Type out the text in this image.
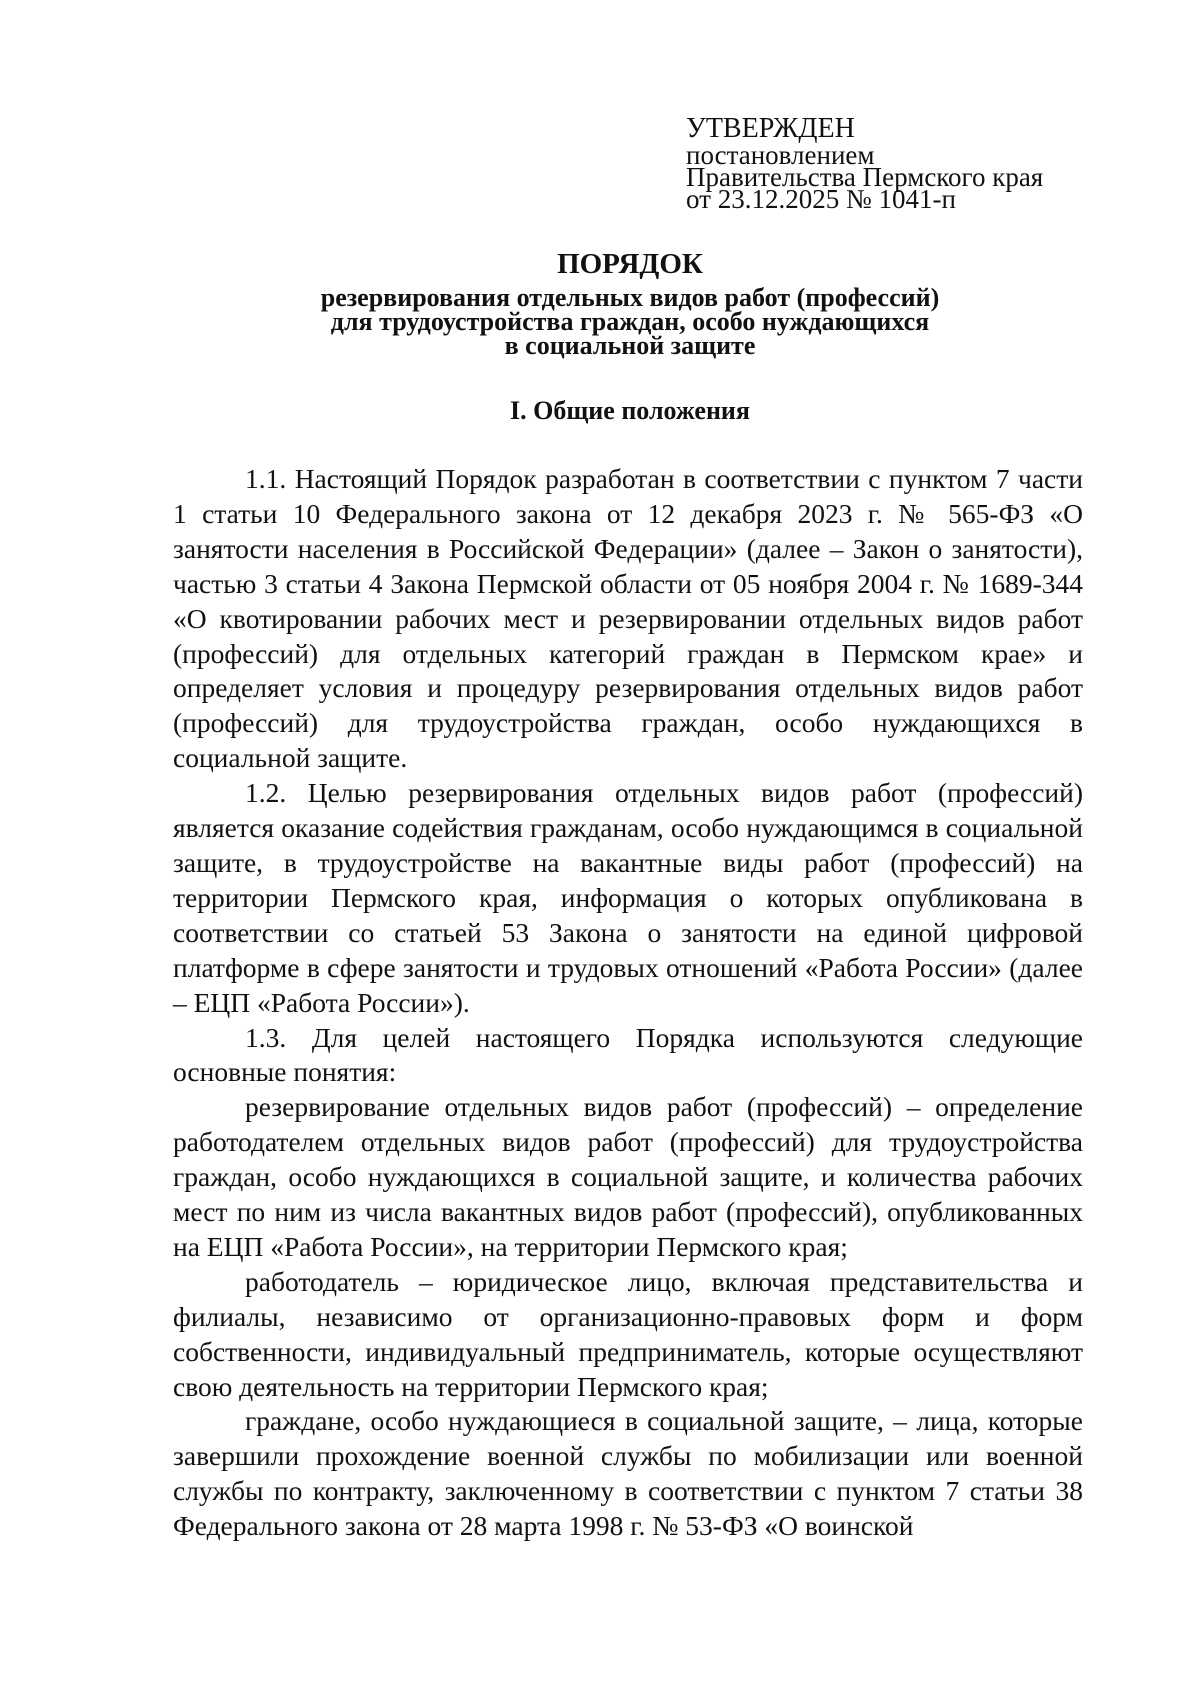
УТВЕРЖДЕН
постановлением
Правительства Пермского края
от 23.12.2025 № 1041-п
ПОРЯДОК
резервирования отдельных видов работ (профессий)
для трудоустройства граждан, особо нуждающихся
в социальной защите
I. Общие положения

1.1. Настоящий Порядок разработан в соответствии с пунктом 7 части 1 статьи 10 Федерального закона от 12 декабря 2023 г. № 565-ФЗ «О занятости населения в Российской Федерации» (далее – Закон о занятости), частью 3 статьи 4 Закона Пермской области от 05 ноября 2004 г. № 1689-344 «О квотировании рабочих мест и резервировании отдельных видов работ (профессий) для отдельных категорий граждан в Пермском крае» и определяет условия и процедуру резервирования отдельных видов работ (профессий) для трудоустройства граждан, особо нуждающихся в социальной защите.

1.2. Целью резервирования отдельных видов работ (профессий) является оказание содействия гражданам, особо нуждающимся в социальной защите, в трудоустройстве на вакантные виды работ (профессий) на территории Пермского края, информация о которых опубликована в соответствии со статьей 53 Закона о занятости на единой цифровой платформе в сфере занятости и трудовых отношений «Работа России» (далее – ЕЦП «Работа России»).

1.3. Для целей настоящего Порядка используются следующие основные понятия:

резервирование отдельных видов работ (профессий) – определение работодателем отдельных видов работ (профессий) для трудоустройства граждан, особо нуждающихся в социальной защите, и количества рабочих мест по ним из числа вакантных видов работ (профессий), опубликованных на ЕЦП «Работа России», на территории Пермского края;

работодатель – юридическое лицо, включая представительства и филиалы, независимо от организационно-правовых форм и форм собственности, индивидуальный предприниматель, которые осуществляют свою деятельность на территории Пермского края;

граждане, особо нуждающиеся в социальной защите, – лица, которые завершили прохождение военной службы по мобилизации или военной службы по контракту, заключенному в соответствии с пунктом 7 статьи 38 Федерального закона от 28 марта 1998 г. № 53-ФЗ «О воинской
